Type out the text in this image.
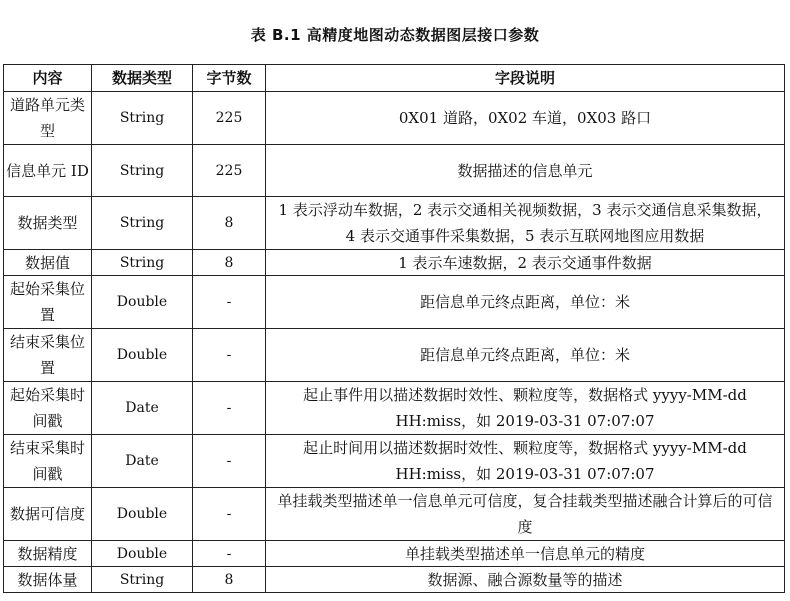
表 B.1 高精度地图动态数据图层接口参数
内容	数据类型	字节数	字段说明
道路单元类型	String	225	0X01 道路，0X02 车道，0X03 路口
信息单元 ID	String	225	数据描述的信息单元
数据类型	String	8	1 表示浮动车数据，2 表示交通相关视频数据，3 表示交通信息采集数据，4 表示交通事件采集数据，5 表示互联网地图应用数据
数据值	String	8	1 表示车速数据，2 表示交通事件数据
起始采集位置	Double	-	距信息单元终点距离，单位：米
结束采集位置	Double	-	距信息单元终点距离，单位：米
起始采集时间戳	Date	-	起止事件用以描述数据时效性、颗粒度等，数据格式 yyyy-MM-dd HH:miss，如 2019-03-31 07:07:07
结束采集时间戳	Date	-	起止时间用以描述数据时效性、颗粒度等，数据格式 yyyy-MM-dd HH:miss，如 2019-03-31 07:07:07
数据可信度	Double	-	单挂载类型描述单一信息单元可信度，复合挂载类型描述融合计算后的可信度
数据精度	Double	-	单挂载类型描述单一信息单元的精度
数据体量	String	8	数据源、融合源数量等的描述
